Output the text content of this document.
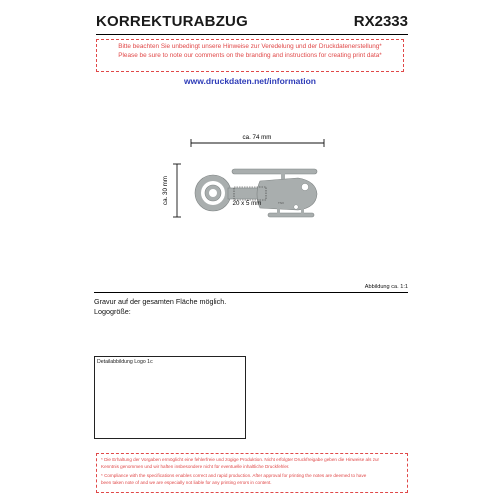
KORREKTURABZUG	RX2333
Bitte beachten Sie unbedingt unsere Hinweise zur Veredelung und der Druckdatenerstellung*
Please be sure to note our comments on the branding and instructions for creating print data*
www.druckdaten.net/information
ca. 74 mm
ca. 30 mm	TNX
20 x 5 mm
Abbildung ca. 1:1
Gravur auf der gesamten Fläche möglich.
Logogröße:
Detailabbildung Logo 1c
* Die Erhaltung der Vorgaben ermöglicht eine fehlerfreie und zügige Produktion. Nicht erfolgter Druckfreigabe geben die Hinweise als zur
Kenntnis genommen und wir haften insbesondere nicht für eventuelle inhaltliche Druckfehler.
* Compliance with the specifications enables correct and rapid production. After approval for printing the notes are deemed to have
been taken note of and we are especially not liable for any printing errors in content.
